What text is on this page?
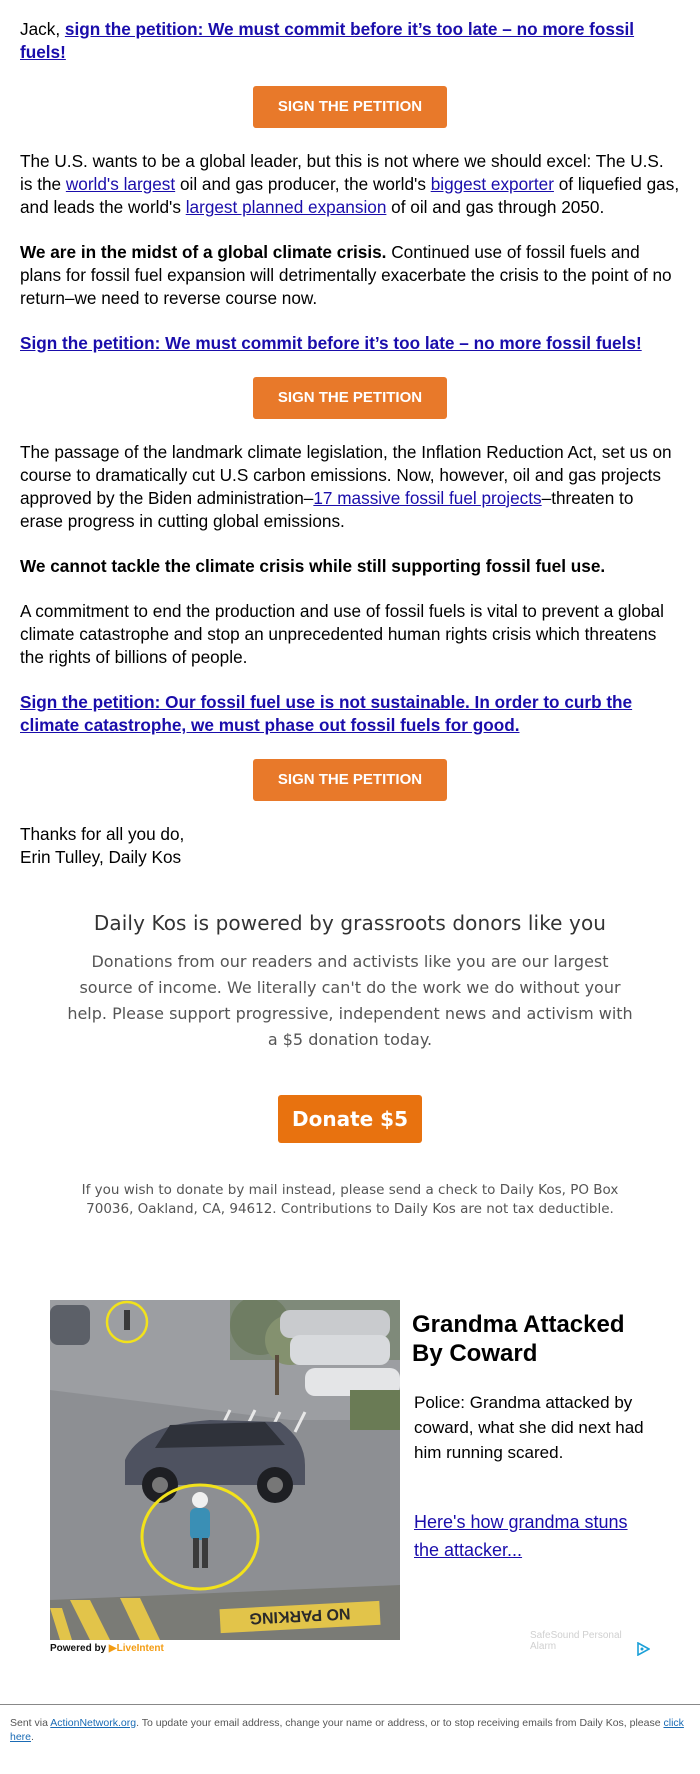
Jack, sign the petition: We must commit before it’s too late – no more fossil fuels!

SIGN THE PETITION

The U.S. wants to be a global leader, but this is not where we should excel: The U.S. is the world's largest oil and gas producer, the world's biggest exporter of liquefied gas, and leads the world's largest planned expansion of oil and gas through 2050.

We are in the midst of a global climate crisis. Continued use of fossil fuels and plans for fossil fuel expansion will detrimentally exacerbate the crisis to the point of no return–we need to reverse course now.

Sign the petition: We must commit before it’s too late – no more fossil fuels!

SIGN THE PETITION

The passage of the landmark climate legislation, the Inflation Reduction Act, set us on course to dramatically cut U.S carbon emissions. Now, however, oil and gas projects approved by the Biden administration–17 massive fossil fuel projects–threaten to erase progress in cutting global emissions.

We cannot tackle the climate crisis while still supporting fossil fuel use.

A commitment to end the production and use of fossil fuels is vital to prevent a global climate catastrophe and stop an unprecedented human rights crisis which threatens the rights of billions of people.

Sign the petition: Our fossil fuel use is not sustainable. In order to curb the climate catastrophe, we must phase out fossil fuels for good.

SIGN THE PETITION

Thanks for all you do,
Erin Tulley, Daily Kos

Daily Kos is powered by grassroots donors like you
Donations from our readers and activists like you are our largest source of income. We literally can't do the work we do without your help. Please support progressive, independent news and activism with a $5 donation today.
Donate $5
If you wish to donate by mail instead, please send a check to Daily Kos, PO Box 70036, Oakland, CA, 94612. Contributions to Daily Kos are not tax deductible.
NO PARKING
Grandma Attacked By Coward
Police: Grandma attacked by coward, what she did next had him running scared.
Here's how grandma stuns the attacker...
Powered by ▶LiveIntent
SafeSound Personal Alarm
Sent via ActionNetwork.org. To update your email address, change your name or address, or to stop receiving emails from Daily Kos, please click here.
